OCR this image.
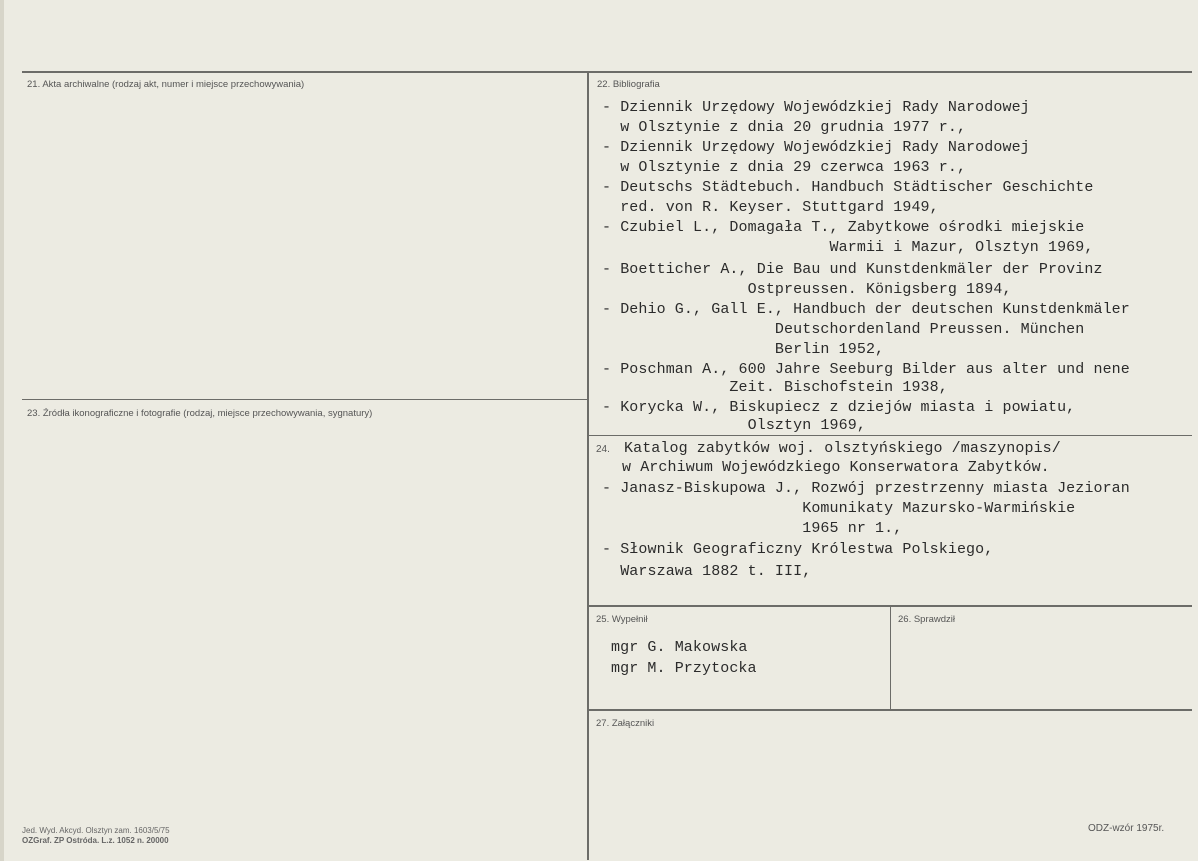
21. Akta archiwalne (rodzaj akt, numer i miejsce przechowywania)	22. Bibliografia
23. Źródła ikonograficzne i fotografie (rodzaj, miejsce przechowywania, sygnatury)
25. Wypełnił	26. Sprawdził
27. Załączniki
- Dziennik Urzędowy Wojewódzkiej Rady Narodowej
w Olsztynie z dnia 20 grudnia 1977 r.,
- Dziennik Urzędowy Wojewódzkiej Rady Narodowej
w Olsztynie z dnia 29 czerwca 1963 r.,
- Deutschs Städtebuch. Handbuch Städtischer Geschichte
red. von R. Keyser. Stuttgard 1949,
- Czubiel L., Domagała T., Zabytkowe ośrodki miejskie
Warmii i Mazur, Olsztyn 1969,
- Boetticher A., Die Bau und Kunstdenkmäler der Provinz
Ostpreussen. Königsberg 1894,
- Dehio G., Gall E., Handbuch der deutschen Kunstdenkmäler
Deutschordenland Preussen. München
Berlin 1952,
- Poschman A., 600 Jahre Seeburg Bilder aus alter und nene
Zeit. Bischofstein 1938,
- Korycka W., Biskupiecz z dziejów miasta i powiatu,
Olsztyn 1969,
24. Katalog zabytków woj. olsztyńskiego /maszynopis/
w Archiwum Wojewódzkiego Konserwatora Zabytków.
- Janasz-Biskupowa J., Rozwój przestrzenny miasta Jezioran
Komunikaty Mazursko-Warmińskie
1965 nr 1.,
- Słownik Geograficzny Królestwa Polskiego,
Warszawa 1882 t. III,
mgr G. Makowska
mgr M. Przytocka
Jed. Wyd. Akcyd. Olsztyn zam. 1603/5/75
OZGraf. ZP Ostróda. L.z. 1052 n. 20000
ODZ-wzór 1975r.
